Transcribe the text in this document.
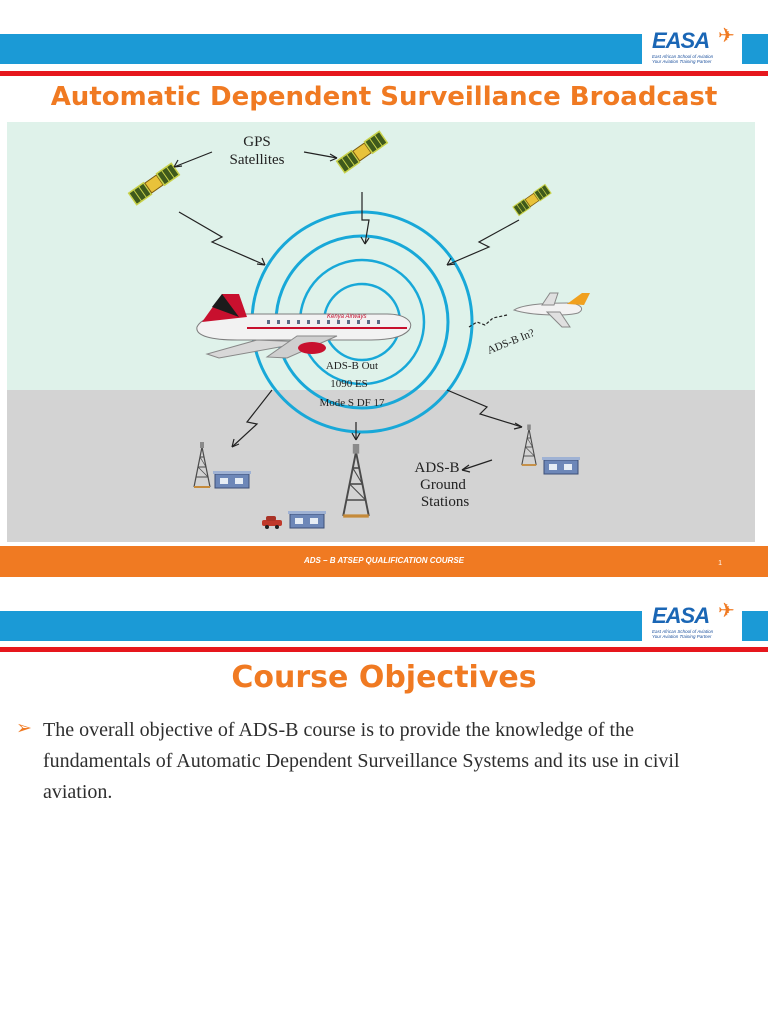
EASA ✈
East African School of Aviation
Your Aviation Training Partner
Automatic Dependent Surveillance Broadcast
GPS
Satellites
Kenya Airways
ADS-B In?
ADS-B Out
1090 ES
Mode S DF 17
ADS-B
Ground
Stations
ADS – B ATSEP QUALIFICATION COURSE	1
EASA ✈
East African School of Aviation
Your Aviation Training Partner
Course Objectives
➢ The overall objective of ADS-B course is to provide the knowledge of the fundamentals of Automatic Dependent Surveillance Systems and its use in civil aviation.
